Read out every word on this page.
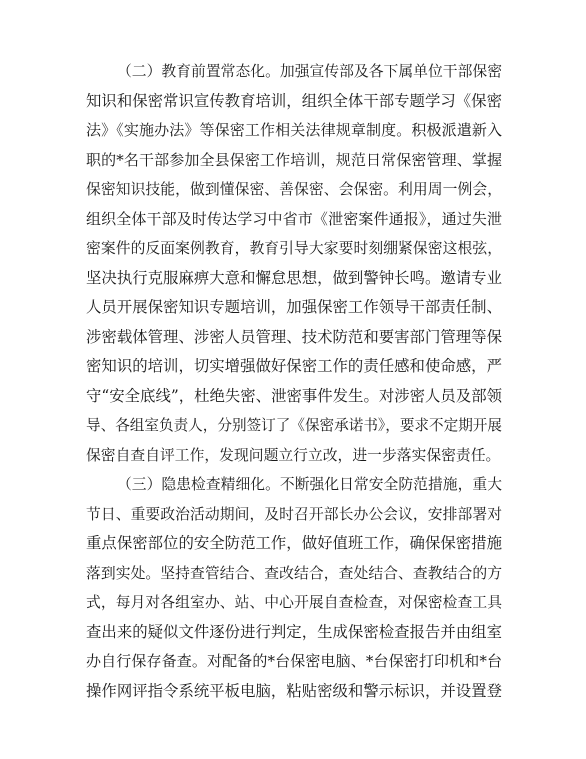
（二）教育前置常态化。加强宣传部及各下属单位干部保密
知识和保密常识宣传教育培训，组织全体干部专题学习《保密
法》《实施办法》等保密工作相关法律规章制度。积极派遣新入
职的*名干部参加全县保密工作培训，规范日常保密管理、掌握
保密知识技能，做到懂保密、善保密、会保密。利用周一例会，
组织全体干部及时传达学习中省市《泄密案件通报》，通过失泄
密案件的反面案例教育，教育引导大家要时刻绷紧保密这根弦，
坚决执行克服麻痹大意和懈怠思想，做到警钟长鸣。邀请专业
人员开展保密知识专题培训，加强保密工作领导干部责任制、
涉密载体管理、涉密人员管理、技术防范和要害部门管理等保
密知识的培训，切实增强做好保密工作的责任感和使命感，严
守“安全底线”，杜绝失密、泄密事件发生。对涉密人员及部领
导、各组室负责人，分别签订了《保密承诺书》，要求不定期开展
保密自查自评工作，发现问题立行立改，进一步落实保密责任。

（三）隐患检查精细化。不断强化日常安全防范措施，重大
节日、重要政治活动期间，及时召开部长办公会议，安排部署对
重点保密部位的安全防范工作，做好值班工作，确保保密措施
落到实处。坚持查管结合、查改结合，查处结合、查教结合的方
式，每月对各组室办、站、中心开展自查检查，对保密检查工具
查出来的疑似文件逐份进行判定，生成保密检查报告并由组室
办自行保存备查。对配备的*台保密电脑、*台保密打印机和*台
操作网评指令系统平板电脑，粘贴密级和警示标识，并设置登
